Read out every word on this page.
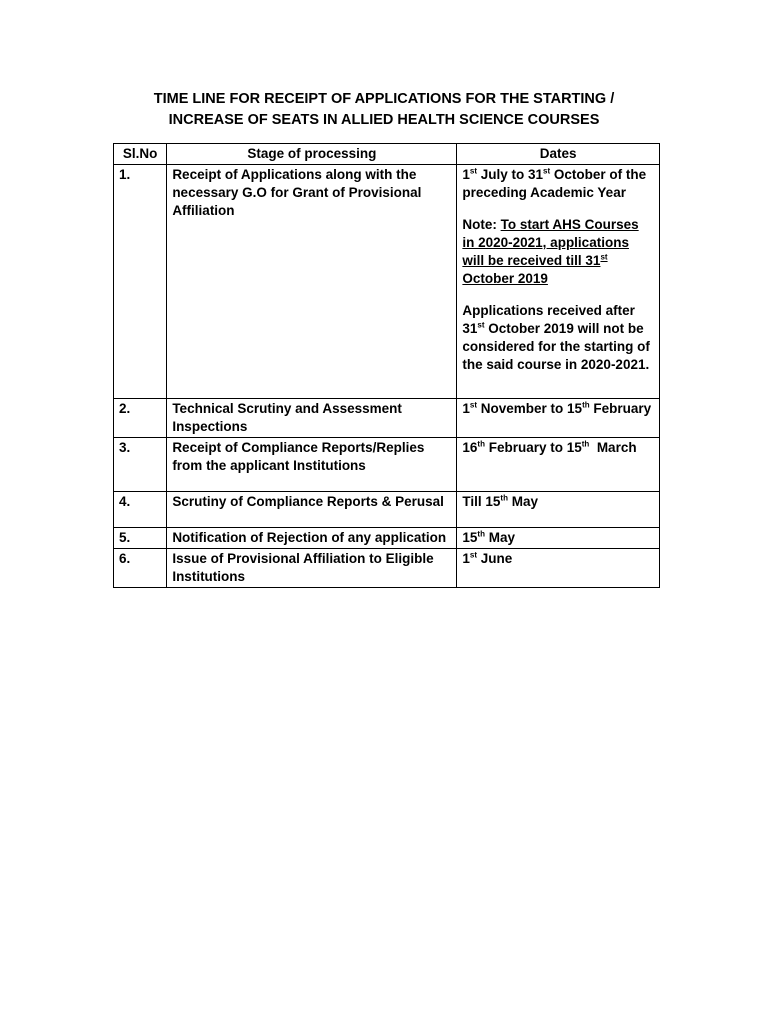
TIME LINE FOR RECEIPT OF APPLICATIONS FOR THE STARTING /
INCREASE OF SEATS IN ALLIED HEALTH SCIENCE COURSES
Sl.No	Stage of processing	Dates
1.	Receipt of Applications along with the necessary G.O for Grant of Provisional Affiliation	1st July to 31st October of the preceding Academic Year
Note: To start AHS Courses in 2020-2021, applications will be received till 31st October 2019
Applications received after 31st October 2019 will not be considered for the starting of the said course in 2020-2021.

2.	Technical Scrutiny and Assessment Inspections	1st November to 15th February
3.	Receipt of Compliance Reports/Replies from the applicant Institutions	16th February to 15th  March
4.	Scrutiny of Compliance Reports & Perusal	Till 15th May
5.	Notification of Rejection of any application	15th May
6.	Issue of Provisional Affiliation to Eligible Institutions	1st June
